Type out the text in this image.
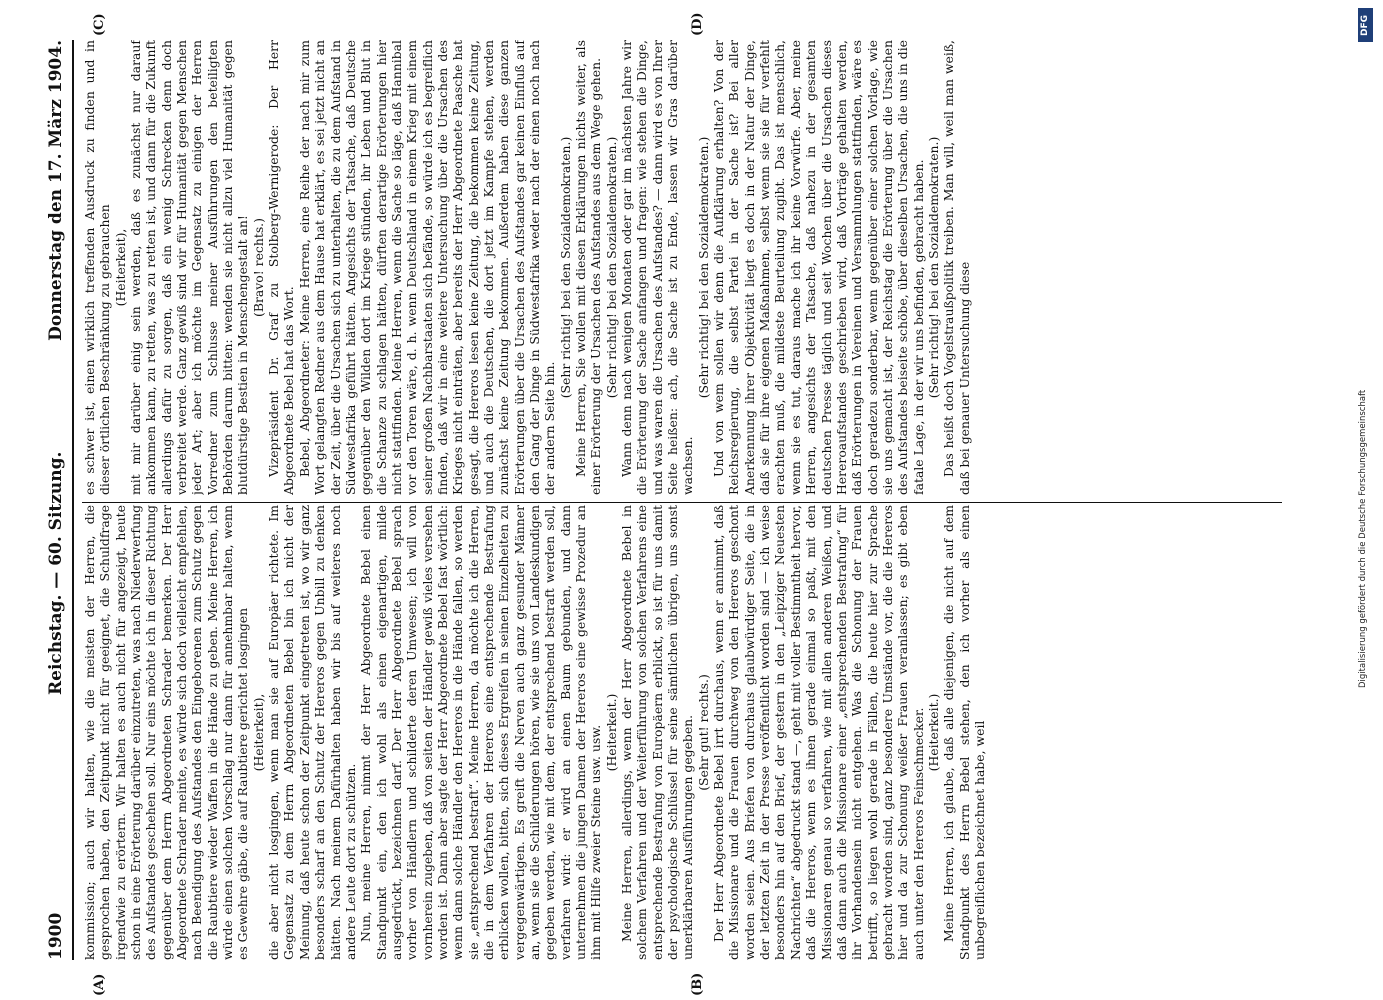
1900
Reichstag. — 60. Sitzung.
Donnerstag den 17. März 1904.
(A)	(B)
(C)	(D)

kommission; auch wir halten, wie die meisten der Herren, die gesprochen haben, den Zeitpunkt nicht für geeignet, die Schuldfrage irgendwie zu erörtern. Wir halten es auch nicht für angezeigt, heute schon in eine Erörterung darüber einzutreten, was nach Niederwerfung des Aufstandes geschehen soll. Nur eins möchte ich in dieser Richtung gegenüber dem Herrn Abgeordneten Schrader bemerken. Der Herr Abgeordnete Schrader meinte, es würde sich doch vielleicht empfehlen, nach Beendigung des Aufstandes den Eingeborenen zum Schutz gegen die Raubtiere wieder Waffen in die Hände zu geben. Meine Herren, ich würde einen solchen Vorschlag nur dann für annehmbar halten, wenn es Gewehre gäbe, die auf Raubtiere gerichtet losgingen (Heiterkeit), die aber nicht losgingen, wenn man sie auf Europäer richtete. Im Gegensatz zu dem Herrn Abgeordneten Bebel bin ich nicht der Meinung, daß heute schon der Zeitpunkt eingetreten ist, wo wir ganz besonders scharf an den Schutz der Hereros gegen Unbill zu denken hätten. Nach meinem Dafürhalten haben wir bis auf weiteres noch andere Leute dort zu schützen. Nun, meine Herren, nimmt der Herr Abgeordnete Bebel einen Standpunkt ein, den ich wohl als einen eigenartigen, milde ausgedrückt, bezeichnen darf. Der Herr Abgeordnete Bebel sprach vorher von Händlern und schilderte deren Umwesen; ich will von vornherein zugeben, daß von seiten der Händler gewiß vieles versehen worden ist. Dann aber sagte der Herr Abgeordnete Bebel fast wörtlich: wenn dann solche Händler den Hereros in die Hände fallen, so werden sie „entsprechend bestraft“. Meine Herren, da möchte ich die Herren, die in dem Verfahren der Hereros eine entsprechende Bestrafung erblicken wollen, bitten, sich dieses Ergreifen in seinen Einzelheiten zu vergegenwärtigen. Es greift die Nerven auch ganz gesunder Männer an, wenn sie die Schilderungen hören, wie sie uns von Landeskundigen gegeben werden, wie mit dem, der entsprechend bestraft werden soll, verfahren wird: er wird an einen Baum gebunden, und dann unternehmen die jungen Damen der Hereros eine gewisse Prozedur an ihm mit Hilfe zweier Steine usw. usw. (Heiterkeit.) Meine Herren, allerdings, wenn der Herr Abgeordnete Bebel in solchem Verfahren und der Weiterführung von solchen Verfahrens eine entsprechende Bestrafung von Europäern erblickt, so ist für uns damit der psychologische Schlüssel für seine sämtlichen übrigen, uns sonst unerklärbaren Ausführungen gegeben. (Sehr gut! rechts.) Der Herr Abgeordnete Bebel irrt durchaus, wenn er annimmt, daß die Missionare und die Frauen durchweg von den Hereros geschont worden seien. Aus Briefen von durchaus glaubwürdiger Seite, die in der letzten Zeit in der Presse veröffentlicht worden sind — ich weise besonders hin auf den Brief, der gestern in den „Leipziger Neuesten Nachrichten“ abgedruckt stand —, geht mit voller Bestimmtheit hervor, daß die Hereros, wenn es ihnen gerade einmal so paßt, mit den Missionaren genau so verfahren, wie mit allen anderen Weißen, und daß dann auch die Missionare einer „entsprechenden Bestrafung“ für ihr Vorhandensein nicht entgehen. Was die Schonung der Frauen betrifft, so liegen wohl gerade in Fällen, die heute hier zur Sprache gebracht worden sind, ganz besondere Umstände vor, die die Hereros hier und da zur Schonung weißer Frauen veranlassen; es gibt eben auch unter den Hereros Feinschmecker. (Heiterkeit.) Meine Herren, ich glaube, daß alle diejenigen, die nicht auf dem Standpunkt des Herrn Bebel stehen, den ich vorher als einen unbegreiflichen bezeichnet habe, weil

es schwer ist, einen wirklich treffenden Ausdruck zu finden und in dieser örtlichen Beschränkung zu gebrauchen (Heiterkeit), mit mir darüber einig sein werden, daß es zunächst nur darauf ankommen kann, zu retten, was zu retten ist, und dann für die Zukunft allerdings dafür zu sorgen, daß ein wenig Schrecken denn doch verbreitet werde. Ganz gewiß sind wir für Humanität gegen Menschen jeder Art; aber ich möchte im Gegensatz zu einigen der Herren Vorredner zum Schlusse meiner Ausführungen den beteiligten Behörden darum bitten: wenden sie nicht allzu viel Humanität gegen blutdürstige Bestien in Menschengestalt an! (Bravo! rechts.) Vizepräsident Dr. Graf zu Stolberg-Wernigerode: Der Herr Abgeordnete Bebel hat das Wort. Bebel, Abgeordneter: Meine Herren, eine Reihe der nach mir zum Wort gelangten Redner aus dem Hause hat erklärt, es sei jetzt nicht an der Zeit, über die Ursachen sich zu unterhalten, die zu dem Aufstand in Südwestafrika geführt hätten. Angesichts der Tatsache, daß Deutsche gegenüber den Wilden dort im Kriege stünden, ihr Leben und Blut in die Schanze zu schlagen hätten, dürften derartige Erörterungen hier nicht stattfinden. Meine Herren, wenn die Sache so läge, daß Hannibal vor den Toren wäre, d. h. wenn Deutschland in einem Krieg mit einem seiner großen Nachbarstaaten sich befände, so würde ich es begreiflich finden, daß wir in eine weitere Untersuchung über die Ursachen des Krieges nicht einträten, aber bereits der Herr Abgeordnete Paasche hat gesagt, die Hereros lesen keine Zeitung, die bekommen keine Zeitung, und auch die Deutschen, die dort jetzt im Kampfe stehen, werden zunächst keine Zeitung bekommen. Außerdem haben diese ganzen Erörterungen über die Ursachen des Aufstandes gar keinen Einfluß auf den Gang der Dinge in Südwestafrika weder nach der einen noch nach der andern Seite hin.

(Sehr richtig! bei den Sozialdemokraten.) Meine Herren, Sie wollen mit diesen Erklärungen nichts weiter, als einer Erörterung der Ursachen des Aufstandes aus dem Wege gehen. (Sehr richtig! bei den Sozialdemokraten.) Wann denn nach wenigen Monaten oder gar im nächsten Jahre wir die Erörterung der Sache anfangen und fragen: wie stehen die Dinge, und was waren die Ursachen des Aufstandes? — dann wird es von Ihrer Seite heißen: ach, die Sache ist zu Ende, lassen wir Gras darüber wachsen.

(Sehr richtig! bei den Sozialdemokraten.) Und von wem sollen wir denn die Aufklärung erhalten? Von der Reichsregierung, die selbst Partei in der Sache ist? Bei aller Anerkennung ihrer Objektivität liegt es doch in der Natur der Dinge, daß sie für ihre eigenen Maßnahmen, selbst wenn sie sie für verfehlt erachten muß, die mildeste Beurteilung zugibt. Das ist menschlich, wenn sie es tut, daraus mache ich ihr keine Vorwürfe. Aber, meine Herren, angesichts der Tatsache, daß nahezu in der gesamten deutschen Presse täglich und seit Wochen über die Ursachen dieses Hereroaufstandes geschrieben wird, daß Vorträge gehalten werden, daß Erörterungen in Vereinen und Versammlungen stattfinden, wäre es doch geradezu sonderbar, wenn gegenüber einer solchen Vorlage, wie sie uns gemacht ist, der Reichstag die Erörterung über die Ursachen des Aufstandes beiseite schöbe, über dieselben Ursachen, die uns in die fatale Lage, in der wir uns befinden, gebracht haben. (Sehr richtig! bei den Sozialdemokraten.) Das heißt doch Vogelstraußpolitik treiben. Man will, weil man weiß, daß bei genauer Untersuchung diese

DFG
Digitalisierung gefördert durch die Deutsche Forschungsgemeinschaft
